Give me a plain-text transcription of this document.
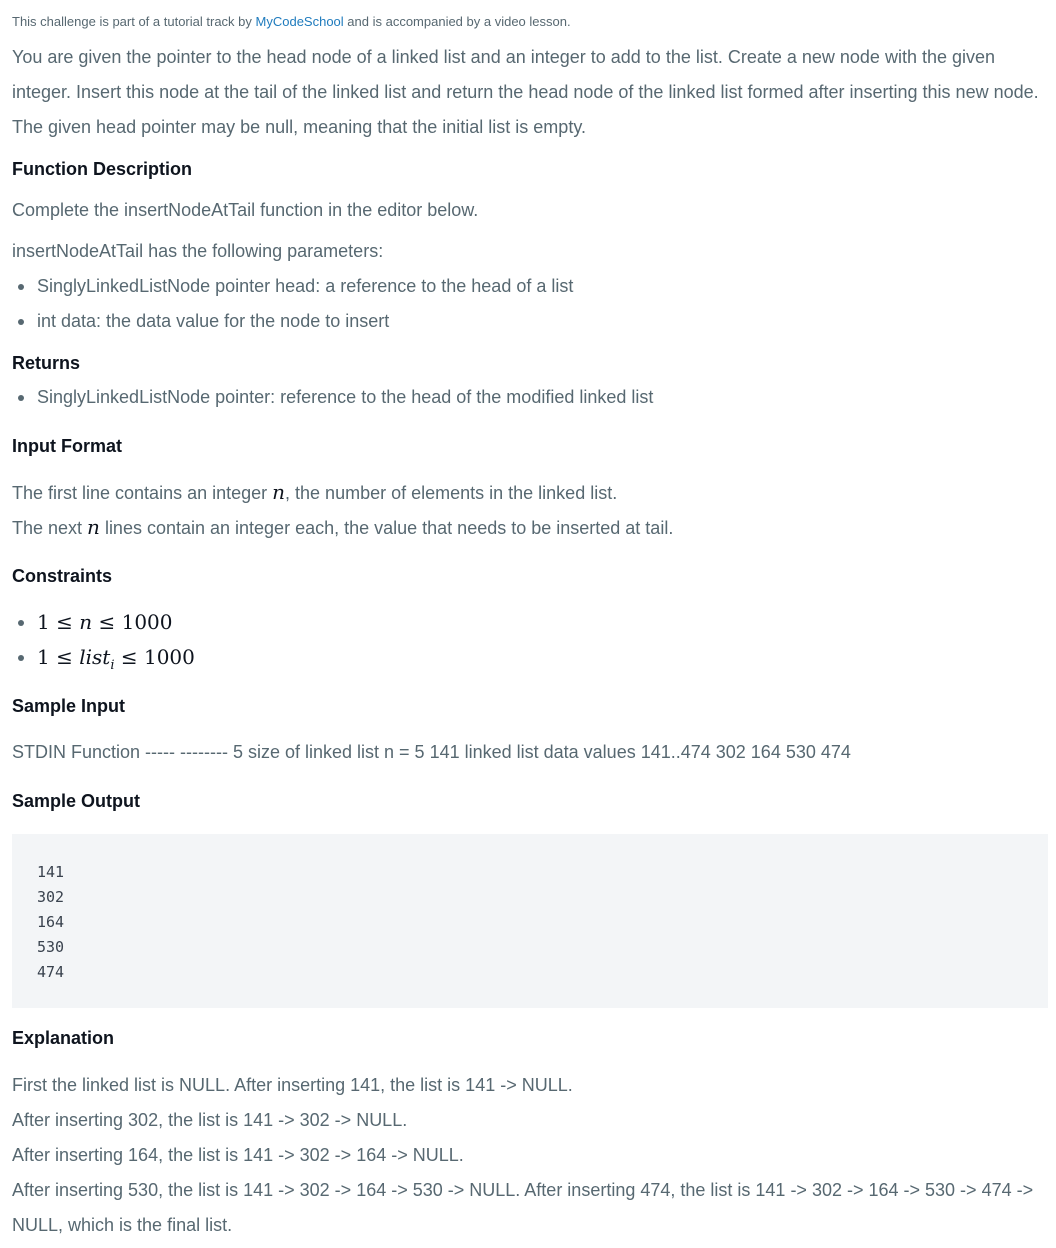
This challenge is part of a tutorial track by MyCodeSchool and is accompanied by a video lesson.
You are given the pointer to the head node of a linked list and an integer to add to the list. Create a new node with the given integer. Insert this node at the tail of the linked list and return the head node of the linked list formed after inserting this new node. The given head pointer may be null, meaning that the initial list is empty.
Function Description
Complete the insertNodeAtTail function in the editor below.
insertNodeAtTail has the following parameters:
SinglyLinkedListNode pointer head: a reference to the head of a list
int data: the data value for the node to insert
Returns
SinglyLinkedListNode pointer: reference to the head of the modified linked list
Input Format
The first line contains an integer n, the number of elements in the linked list.
The next n lines contain an integer each, the value that needs to be inserted at tail.
Constraints
1 ≤ n ≤ 1000
1 ≤ list$_i$ ≤ 1000
Sample Input
STDIN Function ----- -------- 5 size of linked list n = 5 141 linked list data values 141..474 302 164 530 474
Sample Output
141
302
164
530
474
Explanation
First the linked list is NULL. After inserting 141, the list is 141 -> NULL.
After inserting 302, the list is 141 -> 302 -> NULL.
After inserting 164, the list is 141 -> 302 -> 164 -> NULL.
After inserting 530, the list is 141 -> 302 -> 164 -> 530 -> NULL. After inserting 474, the list is 141 -> 302 -> 164 -> 530 -> 474 -> NULL, which is the final list.
